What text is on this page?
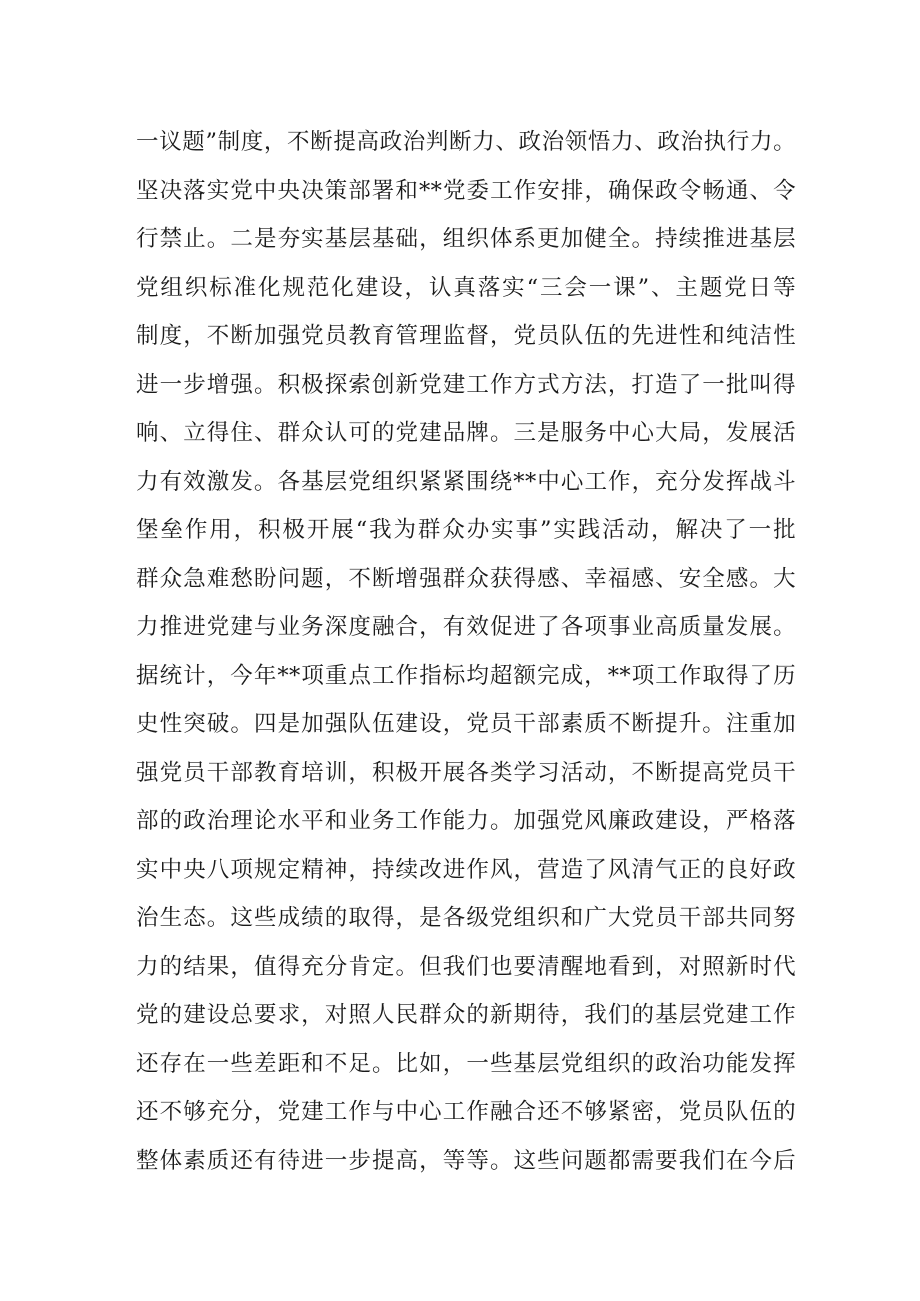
一议题”制度，不断提高政治判断力、政治领悟力、政治执行力。
坚决落实党中央决策部署和**党委工作安排，确保政令畅通、令
行禁止。二是夯实基层基础，组织体系更加健全。持续推进基层
党组织标准化规范化建设，认真落实“三会一课”、主题党日等
制度，不断加强党员教育管理监督，党员队伍的先进性和纯洁性
进一步增强。积极探索创新党建工作方式方法，打造了一批叫得
响、立得住、群众认可的党建品牌。三是服务中心大局，发展活
力有效激发。各基层党组织紧紧围绕**中心工作，充分发挥战斗
堡垒作用，积极开展“我为群众办实事”实践活动，解决了一批
群众急难愁盼问题，不断增强群众获得感、幸福感、安全感。大
力推进党建与业务深度融合，有效促进了各项事业高质量发展。
据统计，今年**项重点工作指标均超额完成，**项工作取得了历
史性突破。四是加强队伍建设，党员干部素质不断提升。注重加
强党员干部教育培训，积极开展各类学习活动，不断提高党员干
部的政治理论水平和业务工作能力。加强党风廉政建设，严格落
实中央八项规定精神，持续改进作风，营造了风清气正的良好政
治生态。这些成绩的取得，是各级党组织和广大党员干部共同努
力的结果，值得充分肯定。但我们也要清醒地看到，对照新时代
党的建设总要求，对照人民群众的新期待，我们的基层党建工作
还存在一些差距和不足。比如，一些基层党组织的政治功能发挥
还不够充分，党建工作与中心工作融合还不够紧密，党员队伍的
整体素质还有待进一步提高，等等。这些问题都需要我们在今后
